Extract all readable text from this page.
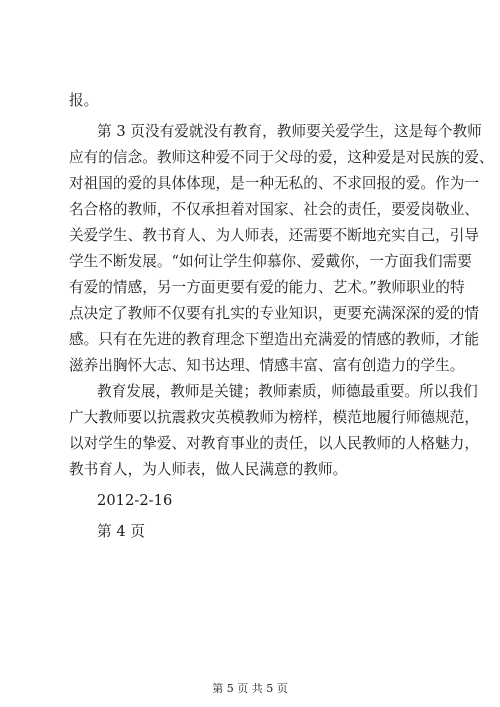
报。
第 3 页没有爱就没有教育，教师要关爱学生，这是每个教师
应有的信念。教师这种爱不同于父母的爱，这种爱是对民族的爱、
对祖国的爱的具体体现，是一种无私的、不求回报的爱。作为一
名合格的教师，不仅承担着对国家、社会的责任，要爱岗敬业、
关爱学生、教书育人、为人师表，还需要不断地充实自己，引导
学生不断发展。“如何让学生仰慕你、爱戴你，一方面我们需要
有爱的情感，另一方面更要有爱的能力、艺术。”教师职业的特
点决定了教师不仅要有扎实的专业知识，更要充满深深的爱的情
感。只有在先进的教育理念下塑造出充满爱的情感的教师，才能
滋养出胸怀大志、知书达理、情感丰富、富有创造力的学生。
教育发展，教师是关键；教师素质，师德最重要。所以我们
广大教师要以抗震救灾英模教师为榜样，模范地履行师德规范，
以对学生的挚爱、对教育事业的责任，以人民教师的人格魅力，
教书育人，为人师表，做人民满意的教师。
2012-2-16
第 4 页
第 5 页 共 5 页
